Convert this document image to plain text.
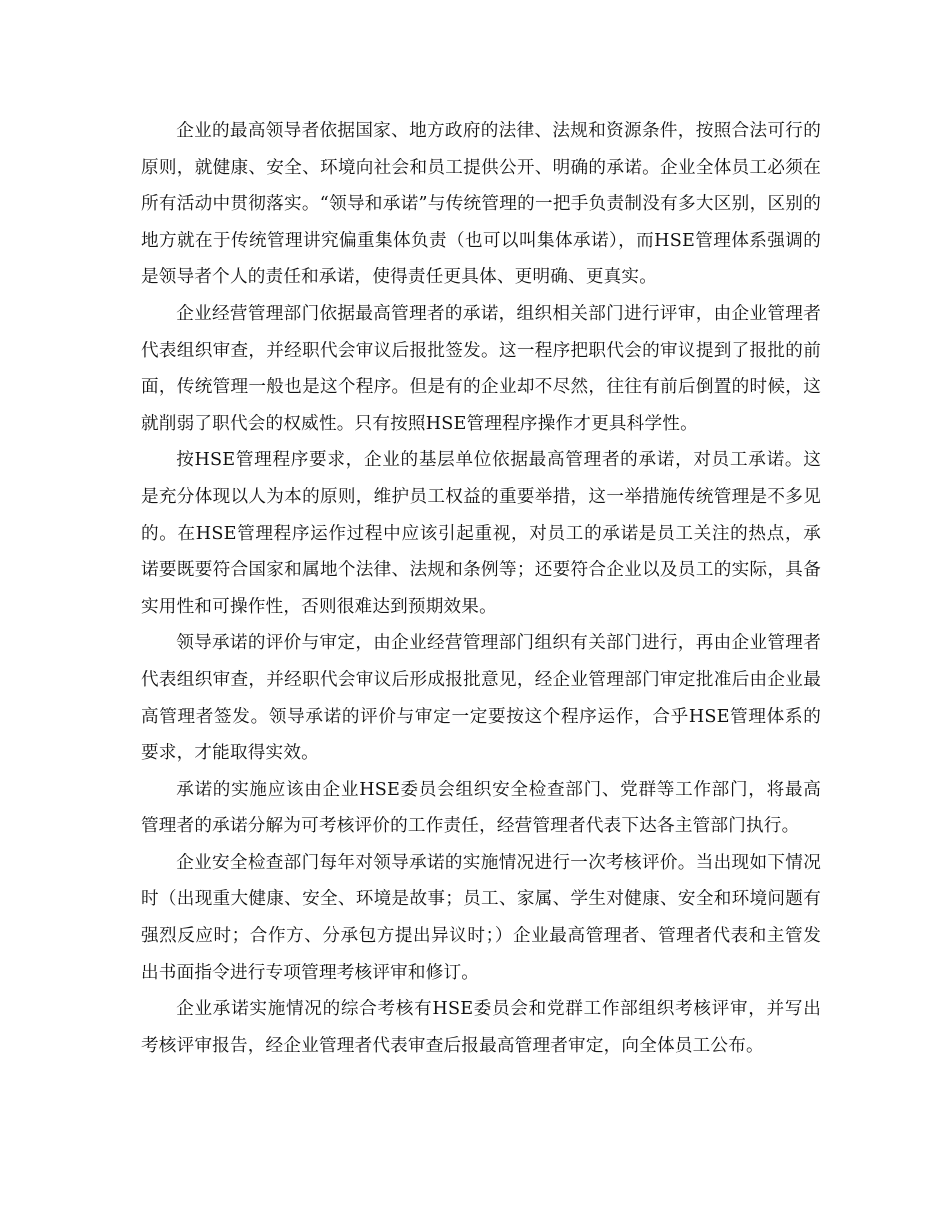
企业的最高领导者依据国家、地方政府的法律、法规和资源条件，按照合法可行的原则，就健康、安全、环境向社会和员工提供公开、明确的承诺。企业全体员工必须在所有活动中贯彻落实。“领导和承诺”与传统管理的一把手负责制没有多大区别，区别的地方就在于传统管理讲究偏重集体负责（也可以叫集体承诺），而HSE管理体系强调的是领导者个人的责任和承诺，使得责任更具体、更明确、更真实。

企业经营管理部门依据最高管理者的承诺，组织相关部门进行评审，由企业管理者代表组织审查，并经职代会审议后报批签发。这一程序把职代会的审议提到了报批的前面，传统管理一般也是这个程序。但是有的企业却不尽然，往往有前后倒置的时候，这就削弱了职代会的权威性。只有按照HSE管理程序操作才更具科学性。

按HSE管理程序要求，企业的基层单位依据最高管理者的承诺，对员工承诺。这是充分体现以人为本的原则，维护员工权益的重要举措，这一举措施传统管理是不多见的。在HSE管理程序运作过程中应该引起重视，对员工的承诺是员工关注的热点，承诺要既要符合国家和属地个法律、法规和条例等；还要符合企业以及员工的实际，具备实用性和可操作性，否则很难达到预期效果。

领导承诺的评价与审定，由企业经营管理部门组织有关部门进行，再由企业管理者代表组织审查，并经职代会审议后形成报批意见，经企业管理部门审定批准后由企业最高管理者签发。领导承诺的评价与审定一定要按这个程序运作，合乎HSE管理体系的要求，才能取得实效。

承诺的实施应该由企业HSE委员会组织安全检查部门、党群等工作部门，将最高管理者的承诺分解为可考核评价的工作责任，经营管理者代表下达各主管部门执行。

企业安全检查部门每年对领导承诺的实施情况进行一次考核评价。当出现如下情况时（出现重大健康、安全、环境是故事；员工、家属、学生对健康、安全和环境问题有强烈反应时；合作方、分承包方提出异议时；）企业最高管理者、管理者代表和主管发出书面指令进行专项管理考核评审和修订。

企业承诺实施情况的综合考核有HSE委员会和党群工作部组织考核评审，并写出考核评审报告，经企业管理者代表审查后报最高管理者审定，向全体员工公布。
